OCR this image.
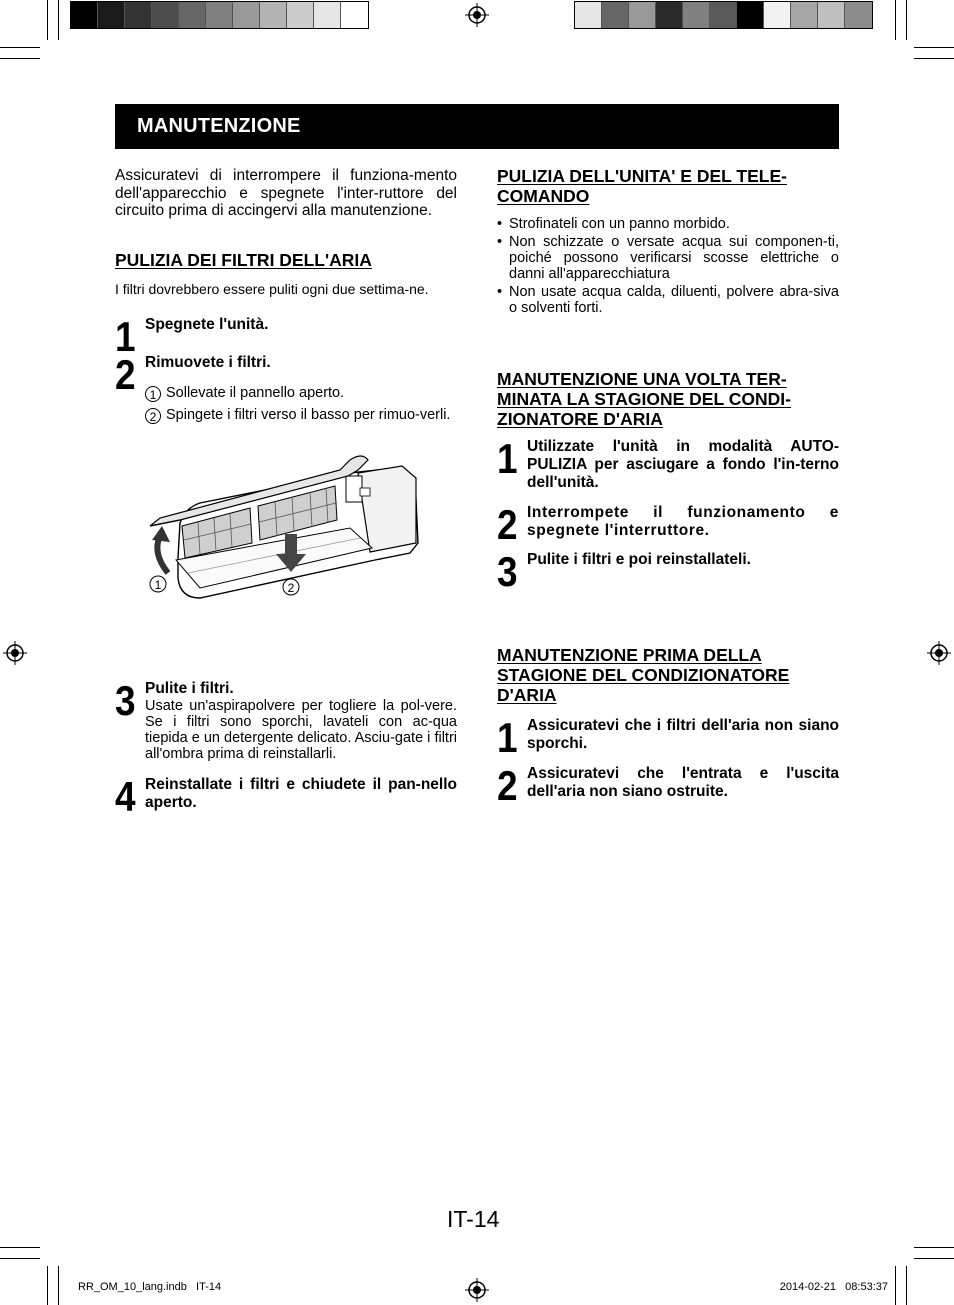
MANUTENZIONE
Assicuratevi di interrompere il funziona-mento dell'apparecchio e spegnete l'inter-ruttore del circuito prima di accingervi alla manutenzione.
PULIZIA DEI FILTRI DELL'ARIA
I filtri dovrebbero essere puliti ogni due settima-ne.
1 Spegnete l'unità.
2 Rimuovete i filtri.
1 Sollevate il pannello aperto.
2 Spingete i filtri verso il basso per rimuo-verli.
1	2
3 Pulite i filtri.
Usate un'aspirapolvere per togliere la pol-vere. Se i filtri sono sporchi, lavateli con ac-qua tiepida e un detergente delicato. Asciu-gate i filtri all'ombra prima di reinstallarli.
4 Reinstallate i filtri e chiudete il pan-nello aperto.
PULIZIA DELL'UNITA' E DEL TELE-COMANDO
• Strofinateli con un panno morbido.
• Non schizzate o versate acqua sui componen-ti, poiché possono verificarsi scosse elettriche o danni all'apparecchiatura
• Non usate acqua calda, diluenti, polvere abra-siva o solventi forti.
MANUTENZIONE UNA VOLTA TER-MINATA LA STAGIONE DEL CONDI-ZIONATORE D'ARIA
1 Utilizzate l'unità in modalità AUTO-PULIZIA per asciugare a fondo l'in-terno dell'unità.
2 Interrompete il funzionamento e spegnete l'interruttore.
3 Pulite i filtri e poi reinstallateli.
MANUTENZIONE PRIMA DELLA STAGIONE DEL CONDIZIONATORE D'ARIA
1 Assicuratevi che i filtri dell'aria non siano sporchi.
2 Assicuratevi che l'entrata e l'uscita dell'aria non siano ostruite.
IT-14
RR_OM_10_lang.indb   IT-14	2014-02-21   08:53:37
